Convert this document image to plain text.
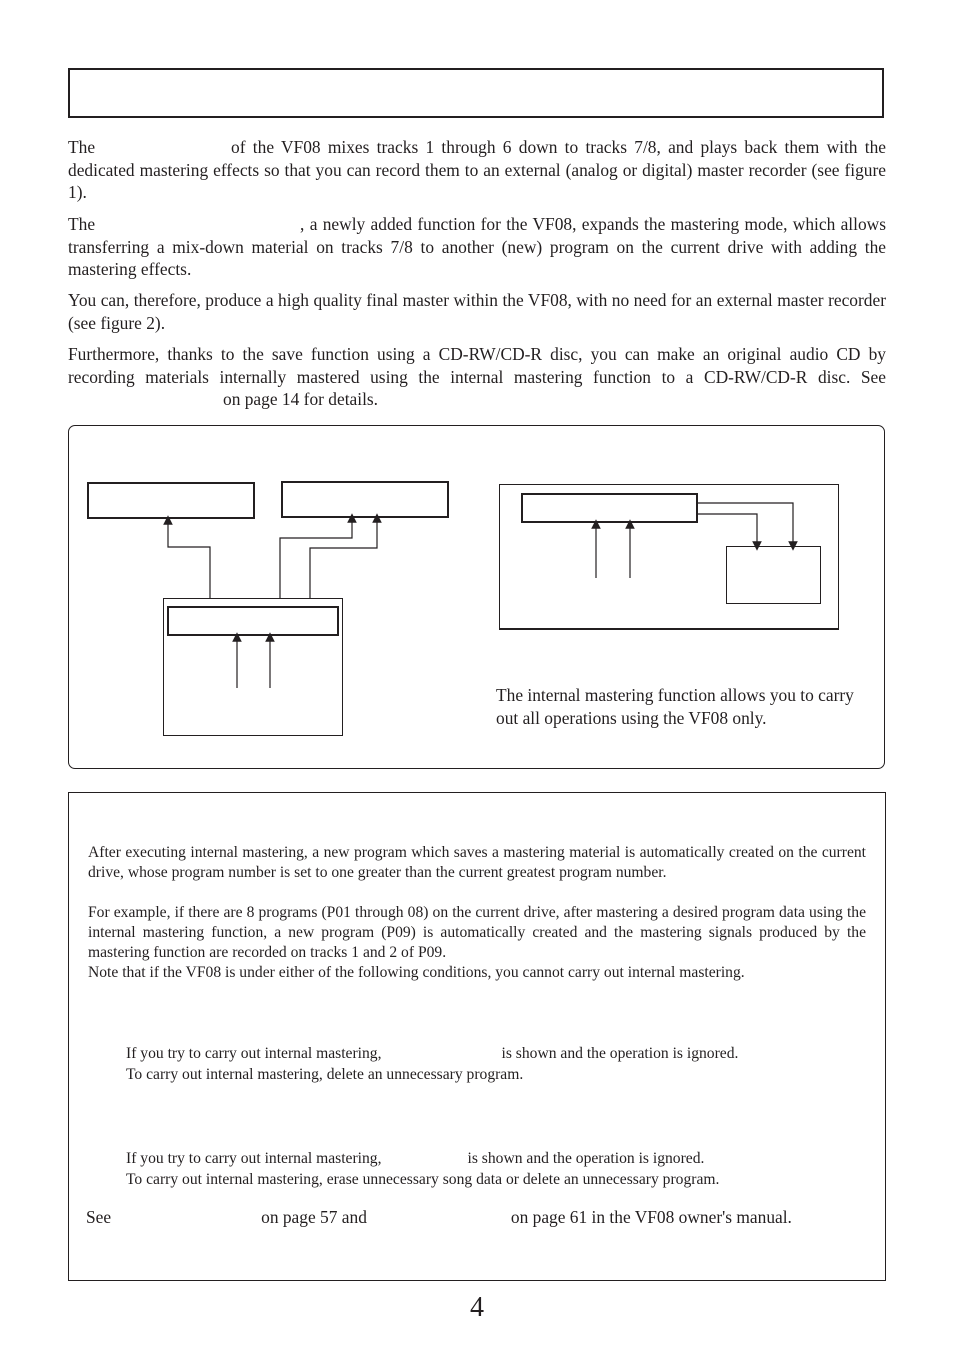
The	of the VF08 mixes tracks 1 through 6 down to tracks 7/8, and plays back them with the dedicated mastering effects so that you can record them to an external (analog or digital) master recorder (see figure 1).

The	, a newly added function for the VF08, expands the mastering mode, which allows transferring a mix-down material on tracks 7/8 to another (new) program on the current drive with adding the mastering effects.

You can, therefore, produce a high quality final master within the VF08, with no need for an external master recorder (see figure 2).

Furthermore, thanks to the save function using a CD-RW/CD-R disc, you can make an original audio CD by recording materials internally mastered using the internal mastering function to a CD-RW/CD-R disc. Seeon page 14 for details.

The internal mastering function allows you to carry out all operations using the VF08 only.

After executing internal mastering, a new program which saves a mastering material is automatically created on the current drive, whose program number is set to one greater than the current greatest program number.

For example, if there are 8 programs (P01 through 08) on the current drive, after mastering a desired program data using the internal mastering function, a new program (P09) is automatically created and the mastering signals produced by the mastering function are recorded on tracks 1 and 2 of P09.

Note that if the VF08 is under either of the following conditions, you cannot carry out internal mastering.

If you try to carry out internal mastering,	is shown and the operation is ignored.
To carry out internal mastering, delete an unnecessary program.

If you try to carry out internal mastering,	is shown and the operation is ignored.
To carry out internal mastering, erase unnecessary song data or delete an unnecessary program.

See	on page 57 and	on page 61 in the VF08 owner's manual.

4
